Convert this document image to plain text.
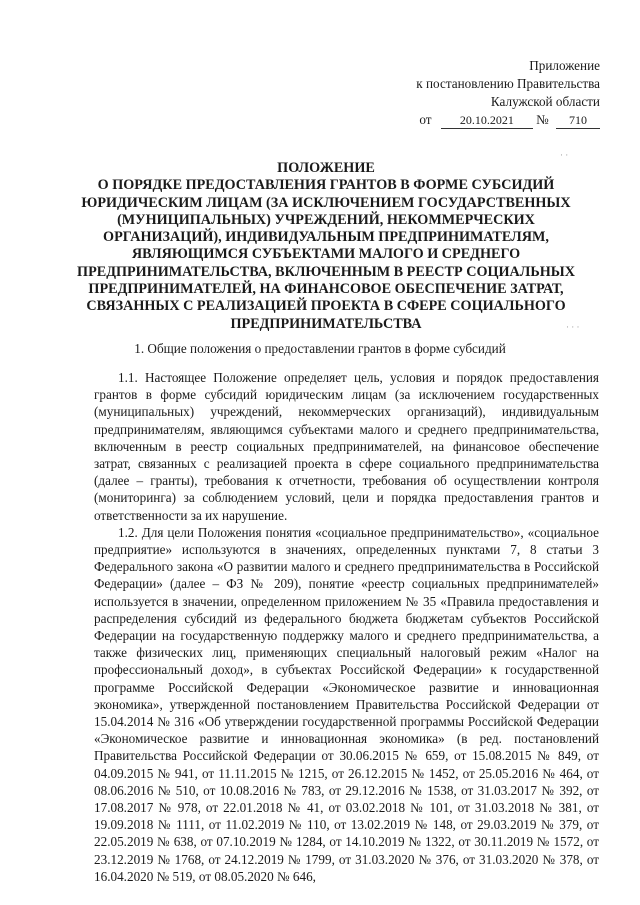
Приложение
к постановлению Правительства
Калужской области
от 20.10.2021 № 710
ПОЛОЖЕНИЕ
О ПОРЯДКЕ ПРЕДОСТАВЛЕНИЯ ГРАНТОВ В ФОРМЕ СУБСИДИЙ
ЮРИДИЧЕСКИМ ЛИЦАМ (ЗА ИСКЛЮЧЕНИЕМ ГОСУДАРСТВЕННЫХ
(МУНИЦИПАЛЬНЫХ) УЧРЕЖДЕНИЙ, НЕКОММЕРЧЕСКИХ
ОРГАНИЗАЦИЙ), ИНДИВИДУАЛЬНЫМ ПРЕДПРИНИМАТЕЛЯМ,
ЯВЛЯЮЩИМСЯ СУБЪЕКТАМИ МАЛОГО И СРЕДНЕГО
ПРЕДПРИНИМАТЕЛЬСТВА, ВКЛЮЧЕННЫМ В РЕЕСТР СОЦИАЛЬНЫХ
ПРЕДПРИНИМАТЕЛЕЙ, НА ФИНАНСОВОЕ ОБЕСПЕЧЕНИЕ ЗАТРАТ,
СВЯЗАННЫХ С РЕАЛИЗАЦИЕЙ ПРОЕКТА В СФЕРЕ СОЦИАЛЬНОГО
ПРЕДПРИНИМАТЕЛЬСТВА
1. Общие положения о предоставлении грантов в форме субсидий

1.1. Настоящее Положение определяет цель, условия и порядок предоставления грантов в форме субсидий юридическим лицам (за исключением государственных (муниципальных) учреждений, некоммерческих организаций), индивидуальным предпринимателям, являющимся субъектами малого и среднего предпринимательства, включенным в реестр социальных предпринимателей, на финансовое обеспечение затрат, связанных с реализацией проекта в сфере социального предпринимательства (далее – гранты), требования к отчетности, требования об осуществлении контроля (мониторинга) за соблюдением условий, цели и порядка предоставления грантов и ответственности за их нарушение.

1.2. Для цели Положения понятия «социальное предпринимательство», «социальное предприятие» используются в значениях, определенных пунктами 7, 8 статьи 3 Федерального закона «О развитии малого и среднего предпринимательства в Российской Федерации» (далее – ФЗ № 209), понятие «реестр социальных предпринимателей» используется в значении, определенном приложением № 35 «Правила предоставления и распределения субсидий из федерального бюджета бюджетам субъектов Российской Федерации на государственную поддержку малого и среднего предпринимательства, а также физических лиц, применяющих специальный налоговый режим «Налог на профессиональный доход», в субъектах Российской Федерации» к государственной программе Российской Федерации «Экономическое развитие и инновационная экономика», утвержденной постановлением Правительства Российской Федерации от 15.04.2014 № 316 «Об утверждении государственной программы Российской Федерации «Экономическое развитие и инновационная экономика» (в ред. постановлений Правительства Российской Федерации от 30.06.2015 № 659, от 15.08.2015 № 849, от 04.09.2015 № 941, от 11.11.2015 № 1215, от 26.12.2015 № 1452, от 25.05.2016 № 464, от 08.06.2016 № 510, от 10.08.2016 № 783, от 29.12.2016 № 1538, от 31.03.2017 № 392, от 17.08.2017 № 978, от 22.01.2018 № 41, от 03.02.2018 № 101, от 31.03.2018 № 381, от 19.09.2018 № 1111, от 11.02.2019 № 110, от 13.02.2019 № 148, от 29.03.2019 № 379, от 22.05.2019 № 638, от 07.10.2019 № 1284, от 14.10.2019 № 1322, от 30.11.2019 № 1572, от 23.12.2019 № 1768, от 24.12.2019 № 1799, от 31.03.2020 № 376, от 31.03.2020 № 378, от 16.04.2020 № 519, от 08.05.2020 № 646,

· ·
· · ·
